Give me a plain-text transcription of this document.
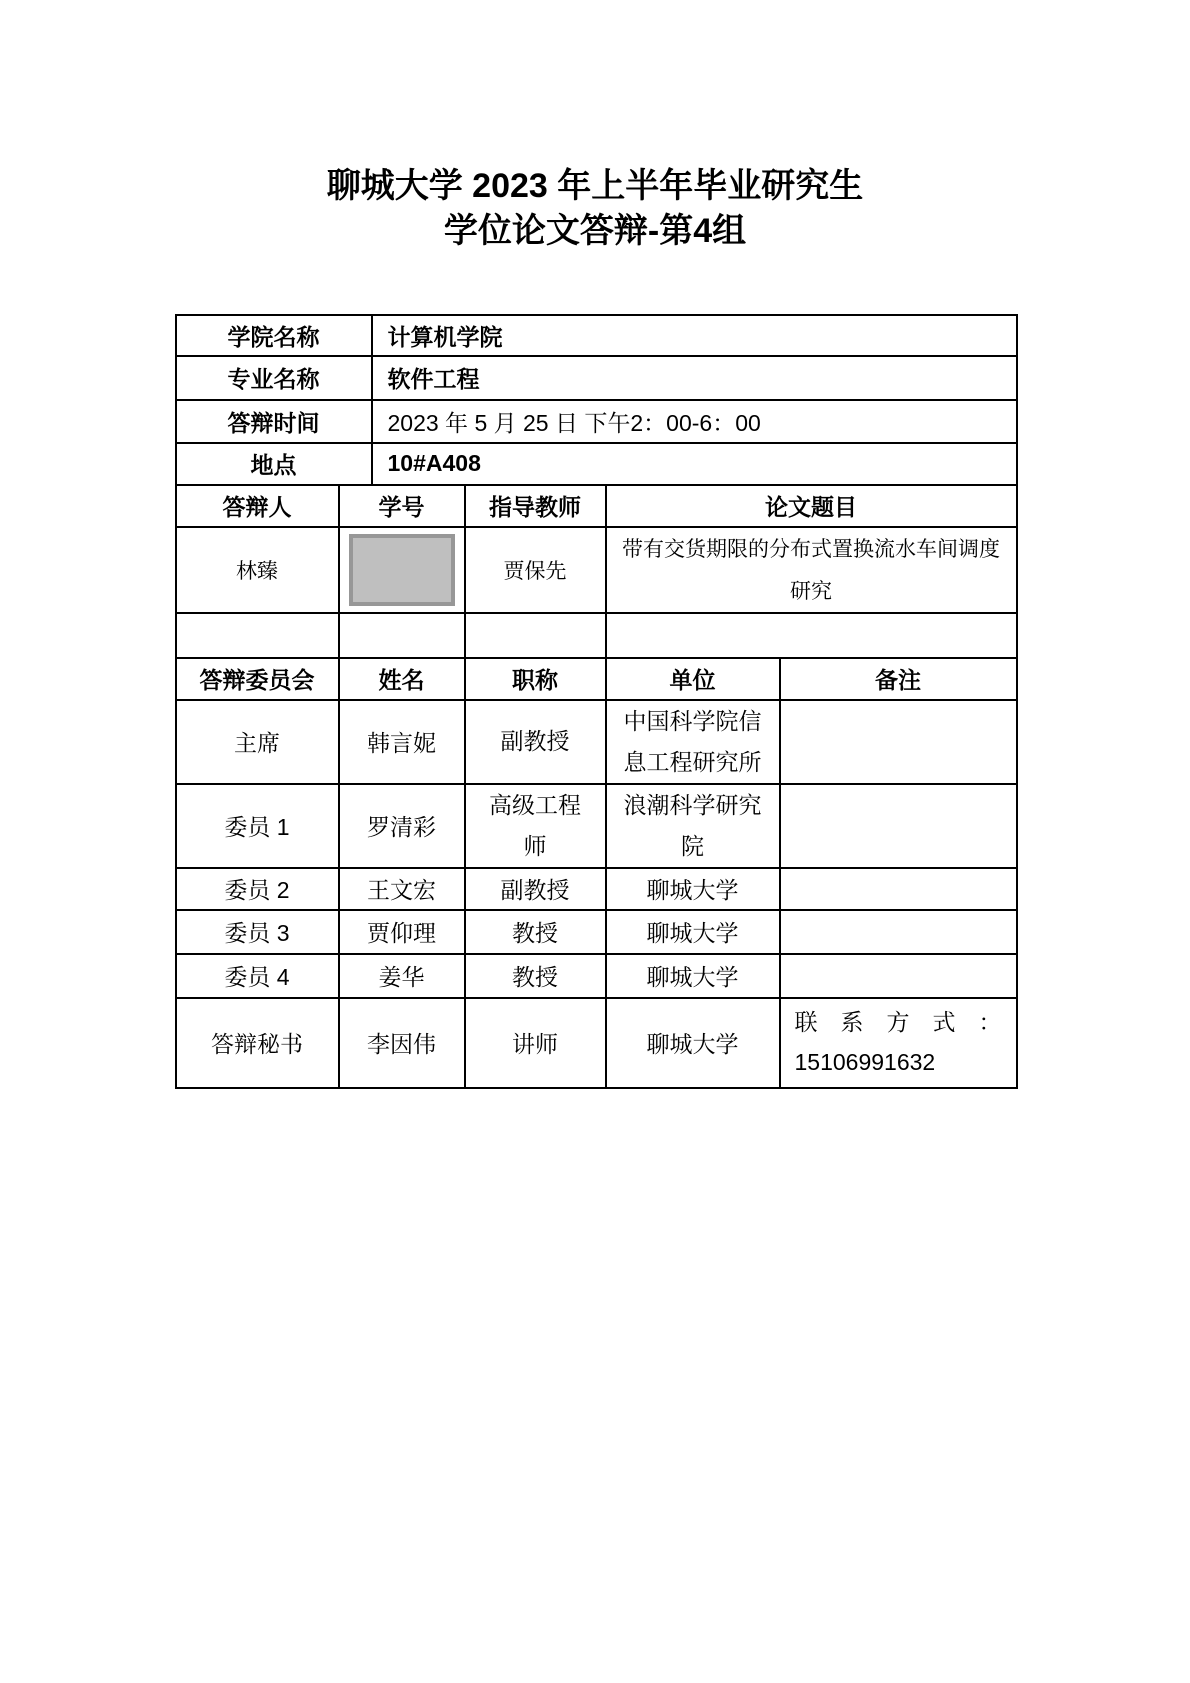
聊城大学 2023 年上半年毕业研究生学位论文答辩-第4组
学院名称	计算机学院
专业名称	软件工程
答辩时间	2023 年 5 月 25 日 下午2：00-6：00
地点	10#A408
答辩人	学号	指导教师	论文题目
林臻		贾保先	带有交货期限的分布式置换流水车间调度研究

答辩委员会	姓名	职称	单位	备注
主席	韩言妮	副教授	中国科学院信息工程研究所	
委员 1	罗清彩	高级工程师	浪潮科学研究院	
委员 2	王文宏	副教授	聊城大学	
委员 3	贾仰理	教授	聊城大学	
委员 4	姜华	教授	聊城大学	
答辩秘书	李因伟	讲师	聊城大学	联 系 方 式 ：
15106991632
